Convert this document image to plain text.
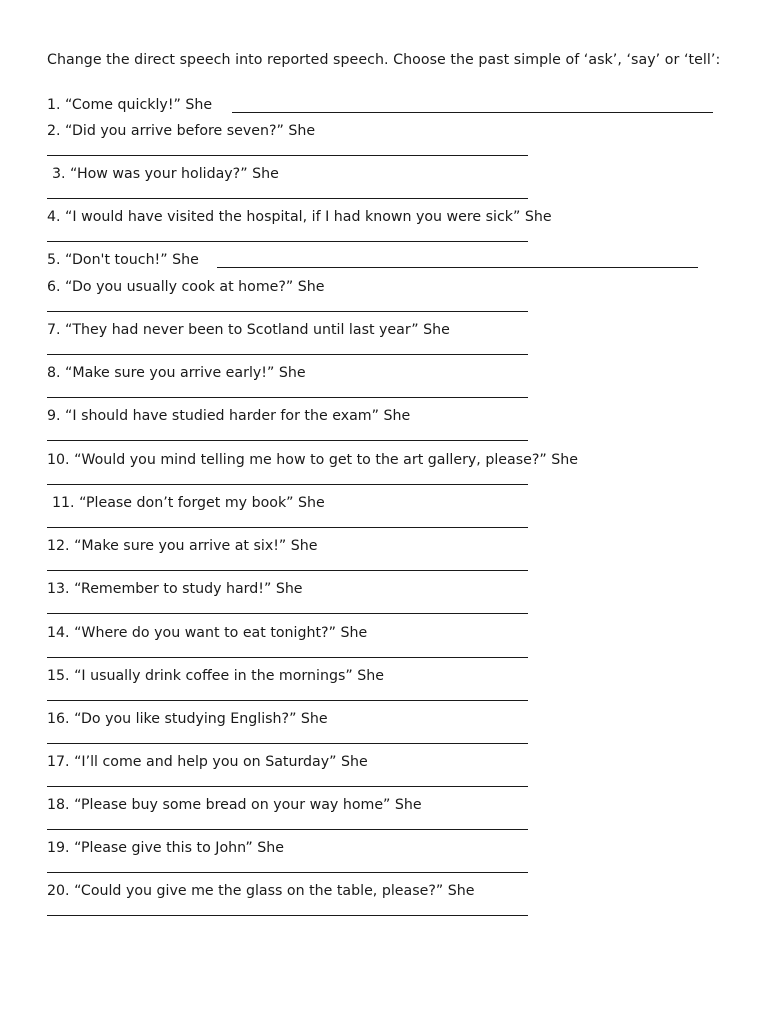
Change the direct speech into reported speech. Choose the past simple of ‘ask’, ‘say’ or ‘tell’:

1. “Come quickly!” She
2. “Did you arrive before seven?” She
3. “How was your holiday?” She
4. “I would have visited the hospital, if I had known you were sick” She
5. “Don't touch!” She
6. “Do you usually cook at home?” She
7. “They had never been to Scotland until last year” She
8. “Make sure you arrive early!” She
9. “I should have studied harder for the exam” She
10. “Would you mind telling me how to get to the art gallery, please?” She
11. “Please don’t forget my book” She
12. “Make sure you arrive at six!” She
13. “Remember to study hard!” She
14. “Where do you want to eat tonight?” She
15. “I usually drink coffee in the mornings” She
16. “Do you like studying English?” She
17. “I’ll come and help you on Saturday” She
18. “Please buy some bread on your way home” She
19. “Please give this to John” She
20. “Could you give me the glass on the table, please?” She
